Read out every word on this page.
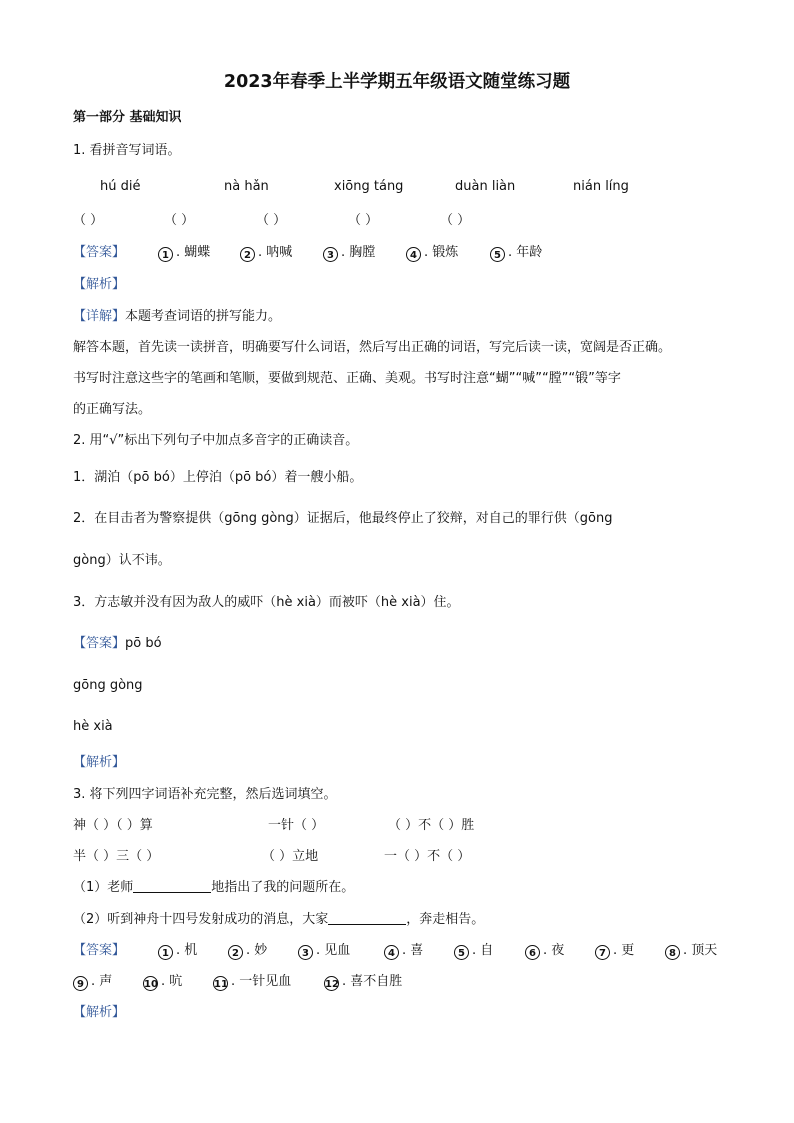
2023年春季上半学期五年级语文随堂练习题
第一部分 基础知识
1. 看拼音写词语。
hú dié	nà hǎn	xiōng táng	duàn liàn	nián líng
（ ）	（ ）	（ ）	（ ）	（ ）
【答案】	1 . 蝴蝶	2 . 呐喊	3 . 胸膛	4 . 锻炼	5 . 年龄
【解析】
【详解】本题考查词语的拼写能力。
解答本题，首先读一读拼音，明确要写什么词语，然后写出正确的词语，写完后读一读，宽阔是否正确。
书写时注意这些字的笔画和笔顺，要做到规范、正确、美观。书写时注意“蝴”“喊”“膛”“锻”等字
的正确写法。
2. 用“√”标出下列句子中加点多音字的正确读音。
1．湖泊（pō bó）上停泊（pō bó）着一艘小船。
2．在目击者为警察提供（gōng gòng）证据后，他最终停止了狡辩，对自己的罪行供（gōng
gòng）认不讳。
3．方志敏并没有因为敌人的威吓（hè xià）而被吓（hè xià）住。
【答案】pō bó
gōng gòng
hè xià
【解析】
3. 将下列四字词语补充完整，然后选词填空。
神（ ）（ ）算	一针（ ）	（ ）不（ ）胜
半（ ）三（ ）	（ ）立地	一（ ）不（ ）
（1）老师	地指出了我的问题所在。
（2）听到神舟十四号发射成功的消息，大家	，奔走相告。
【答案】	1 . 机	2 . 妙	3 . 见血	4 . 喜	5 . 自	6 . 夜	7 . 更	8 . 顶天
9 . 声	10 . 吭	11 . 一针见血	12 . 喜不自胜
【解析】
